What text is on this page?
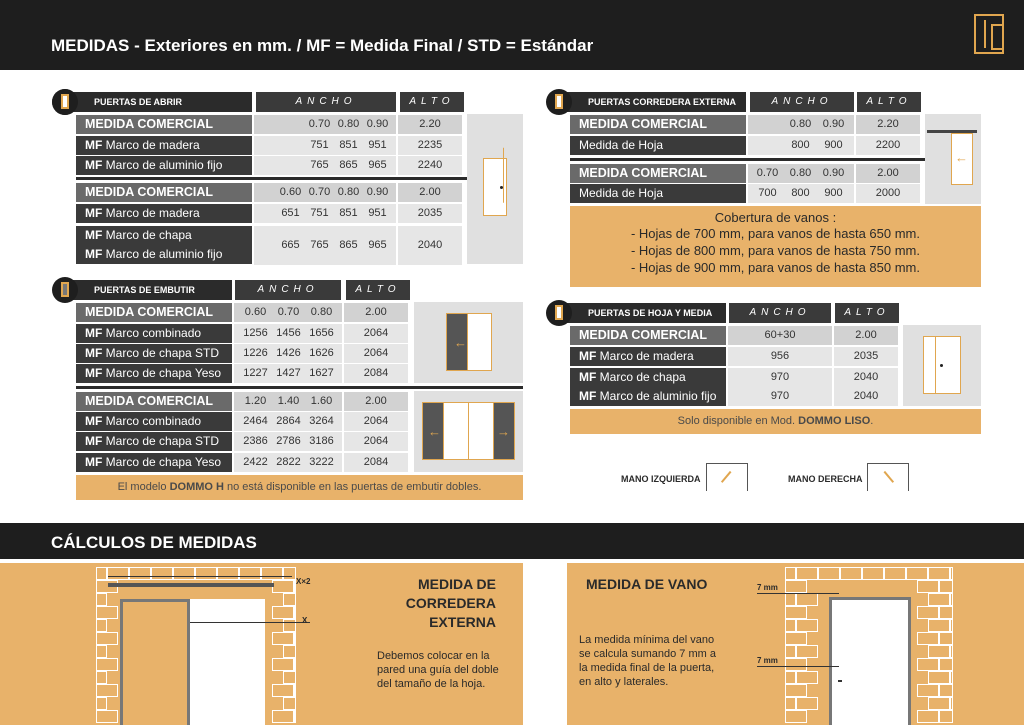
MEDIDAS - Exteriores en mm. / MF = Medida Final / STD = Estándar
PUERTAS DE ABRIR	ANCHO	ALTO
MEDIDA COMERCIAL	0.70 0.80 0.90	2.20
MF Marco de madera	751 851 951	2235
MF Marco de aluminio fijo	765 865 965	2240
MEDIDA COMERCIAL	0.60 0.70 0.80 0.90	2.00
MF Marco de madera	651 751 851 951	2035
MF Marco de chapa
665 765 865 965	2040
MF Marco de aluminio fijo
PUERTAS DE EMBUTIR	ANCHO	ALTO
MEDIDA COMERCIAL	0.60	0.70	0.80	2.00
MF Marco combinado	1256 1456 1656	2064
MF Marco de chapa STD	1226 1426 1626	2064
MF Marco de chapa Yeso	1227 1427 1627	2084
MEDIDA COMERCIAL	1.20	1.40	1.60	2.00
MF Marco combinado	2464 2864 3264	2064
MF Marco de chapa STD	2386 2786 3186	2064
MF Marco de chapa Yeso	2422 2822 3222	2084
←
←	→
El modelo DOMMO H no está disponible en las puertas de embutir dobles.
PUERTAS CORREDERA EXTERNA	ANCHO	ALTO
MEDIDA COMERCIAL	0.80	0.90	2.20
Medida de Hoja	800	900	2200
MEDIDA COMERCIAL	0.70	0.80	0.90	2.00
Medida de Hoja	700	800	900	2000
←
Cobertura de vanos :
- Hojas de 700 mm, para vanos de hasta 650 mm.
- Hojas de 800 mm, para vanos de hasta 750 mm.
- Hojas de 900 mm, para vanos de hasta 850 mm.
PUERTAS DE HOJA Y MEDIA	ANCHO	ALTO
MEDIDA COMERCIAL	60+30	2.00
MF Marco de madera	956	2035
MF Marco de chapa	970	2040
MF Marco de aluminio fijo	970	2040
Solo disponible en Mod. DOMMO LISO.
MANO IZQUIERDA	MANO DERECHA
CÁLCULOS DE MEDIDAS
X×2
X
MEDIDA DE
CORREDERA
EXTERNA
Debemos colocar en la
pared una guía del doble
del tamaño de la hoja.
MEDIDA DE VANO
La medida mínima del vano
se calcula sumando 7 mm a
la medida final de la puerta,
en alto y laterales.
7 mm
7 mm
